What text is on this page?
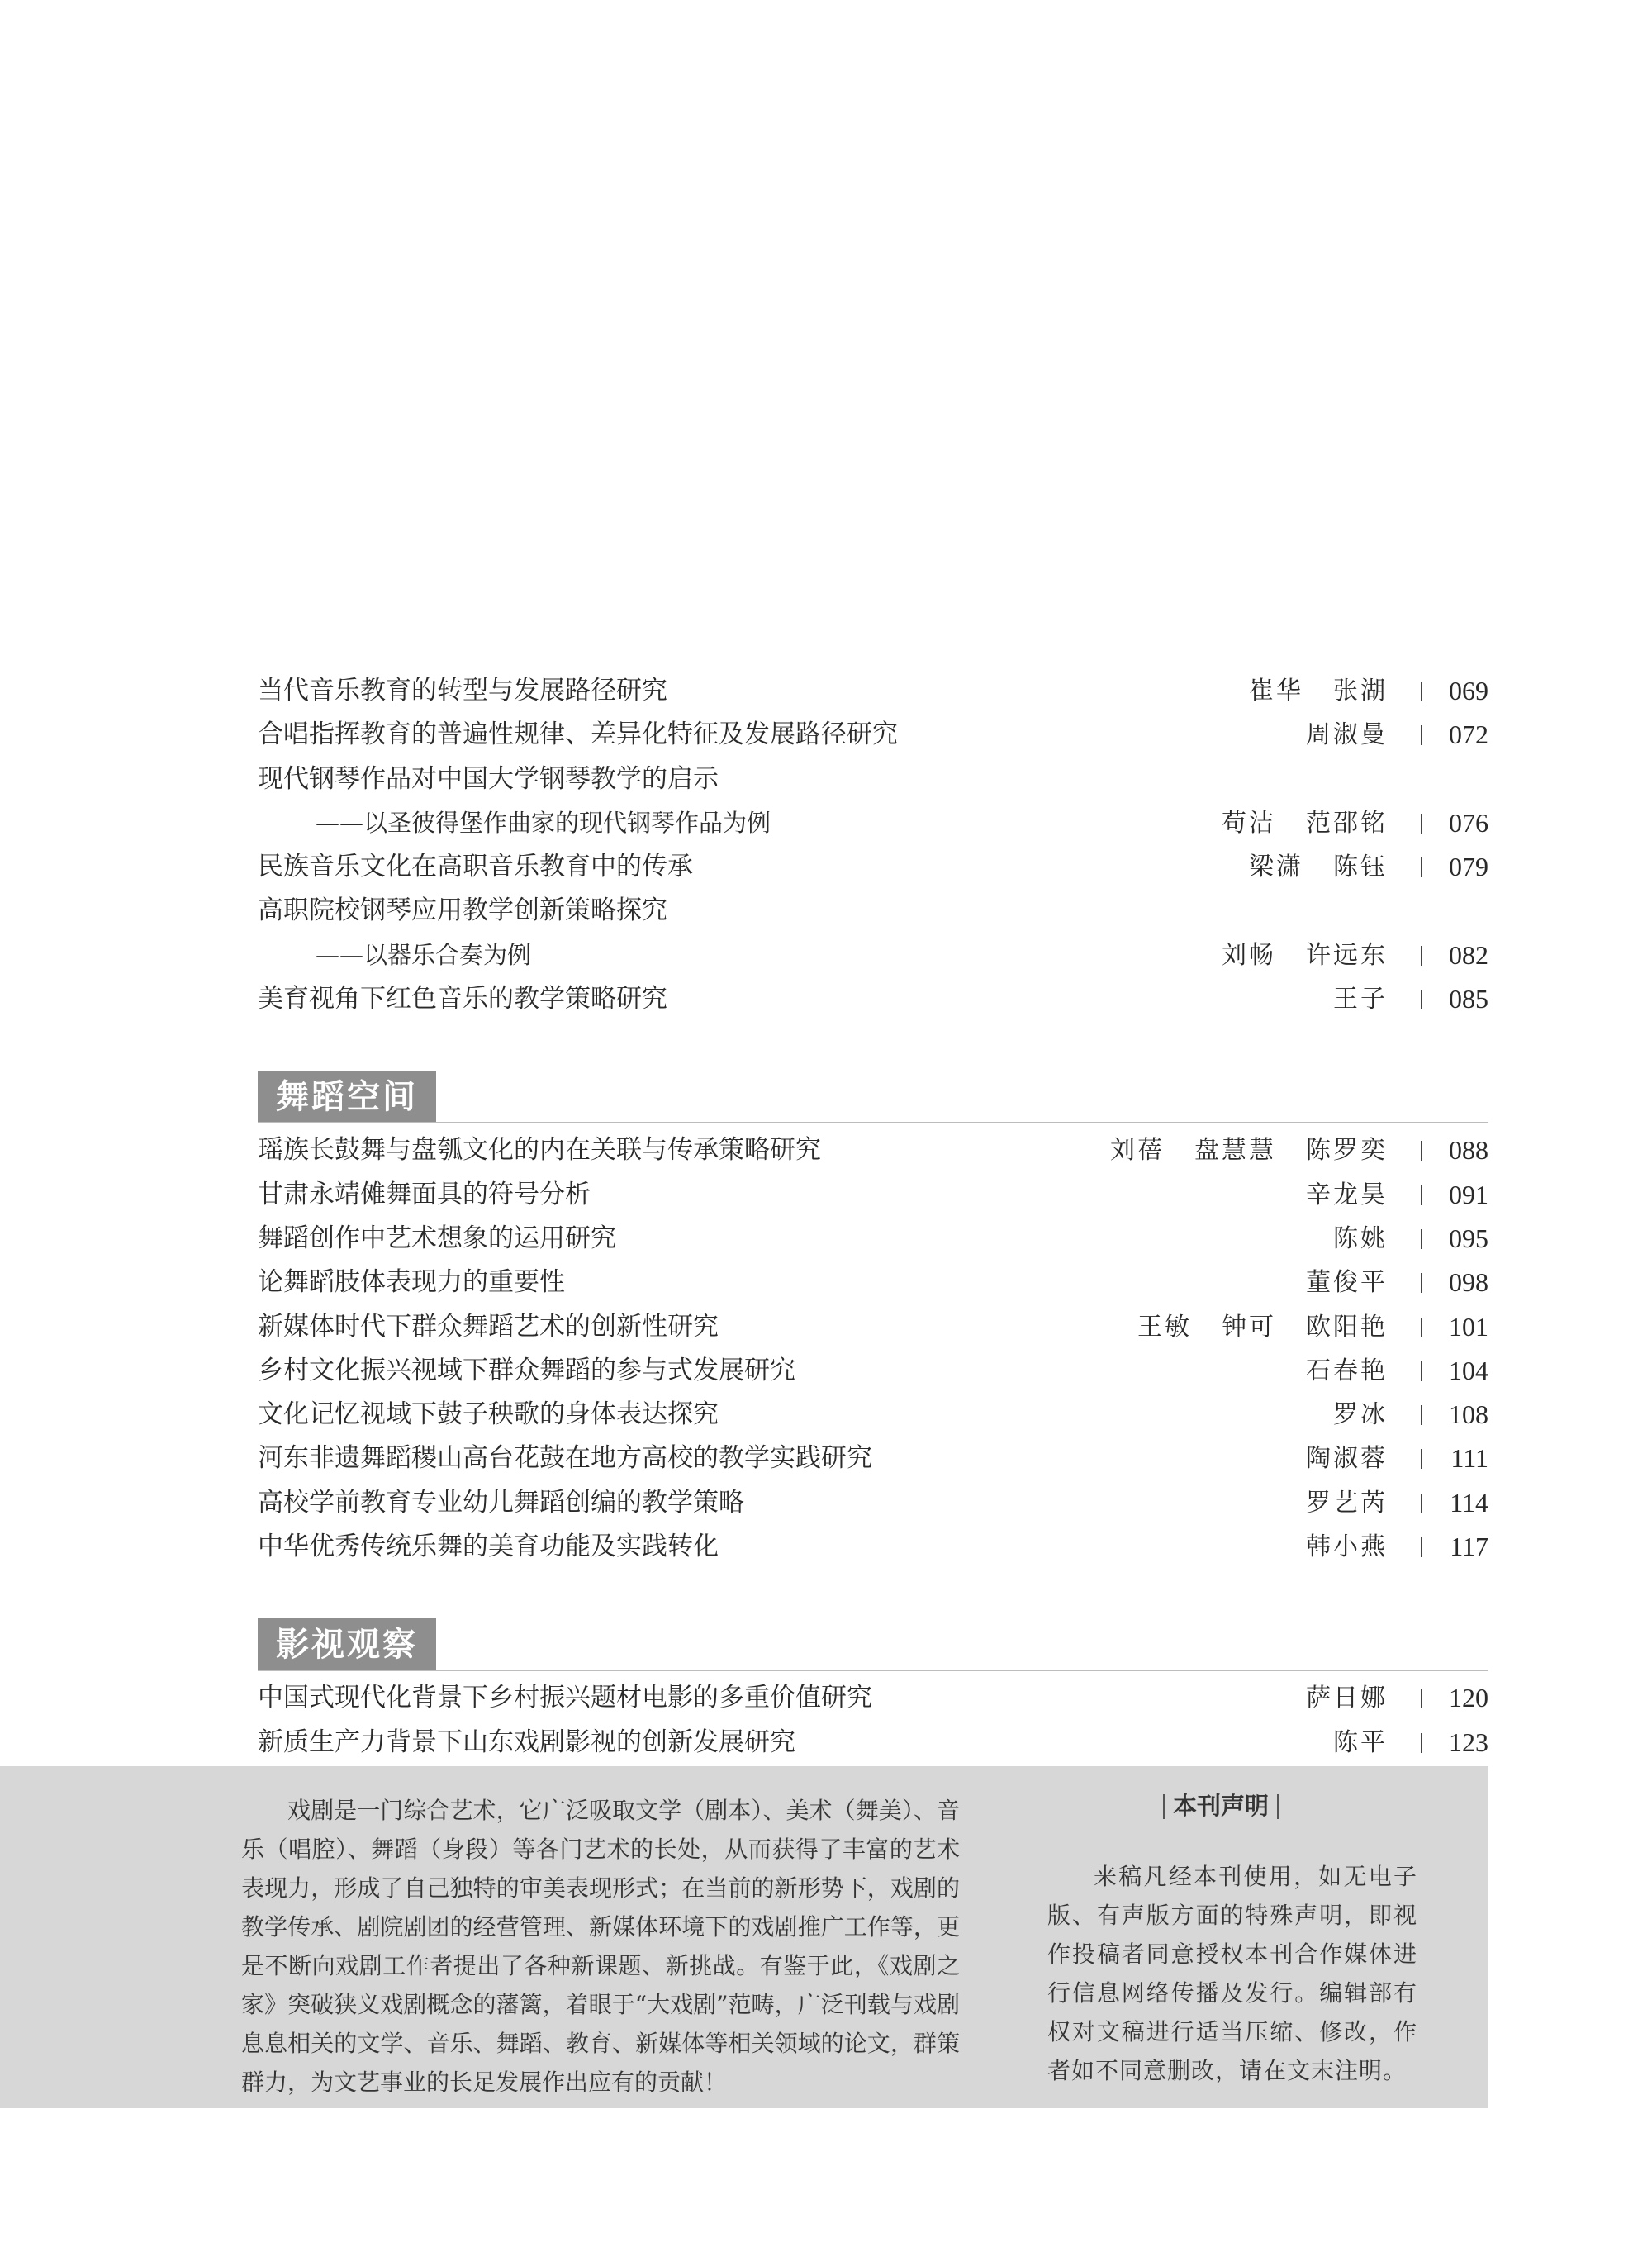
当代音乐教育的转型与发展路径研究	崔华 张湖	069
合唱指挥教育的普遍性规律、差异化特征及发展路径研究	周淑曼	072
现代钢琴作品对中国大学钢琴教学的启示
——以圣彼得堡作曲家的现代钢琴作品为例	苟洁 范邵铭	076
民族音乐文化在高职音乐教育中的传承	梁潇 陈钰	079
高职院校钢琴应用教学创新策略探究
——以器乐合奏为例	刘畅 许远东	082
美育视角下红色音乐的教学策略研究	王子	085
舞蹈空间
瑶族长鼓舞与盘瓠文化的内在关联与传承策略研究	刘蓓 盘慧慧 陈罗奕	088
甘肃永靖傩舞面具的符号分析	辛龙昊	091
舞蹈创作中艺术想象的运用研究	陈姚	095
论舞蹈肢体表现力的重要性	董俊平	098
新媒体时代下群众舞蹈艺术的创新性研究	王敏 钟可 欧阳艳	101
乡村文化振兴视域下群众舞蹈的参与式发展研究	石春艳	104
文化记忆视域下鼓子秧歌的身体表达探究	罗冰	108
河东非遗舞蹈稷山高台花鼓在地方高校的教学实践研究	陶淑蓉	111
高校学前教育专业幼儿舞蹈创编的教学策略	罗艺芮	114
中华优秀传统乐舞的美育功能及实践转化	韩小燕	117
影视观察
中国式现代化背景下乡村振兴题材电影的多重价值研究	萨日娜	120
新质生产力背景下山东戏剧影视的创新发展研究	陈平	123
戏剧是一门综合艺术，它广泛吸取文学（剧本）、美术（舞美）、音乐（唱腔）、舞蹈（身段）等各门艺术的长处，从而获得了丰富的艺术表现力，形成了自己独特的审美表现形式；在当前的新形势下，戏剧的教学传承、剧院剧团的经营管理、新媒体环境下的戏剧推广工作等，更是不断向戏剧工作者提出了各种新课题、新挑战。有鉴于此，《戏剧之家》突破狭义戏剧概念的藩篱，着眼于“大戏剧”范畴，广泛刊载与戏剧息息相关的文学、音乐、舞蹈、教育、新媒体等相关领域的论文，群策群力，为文艺事业的长足发展作出应有的贡献！
本刊声明
来稿凡经本刊使用，如无电子版、有声版方面的特殊声明，即视作投稿者同意授权本刊合作媒体进行信息网络传播及发行。编辑部有权对文稿进行适当压缩、修改，作者如不同意删改，请在文末注明。
